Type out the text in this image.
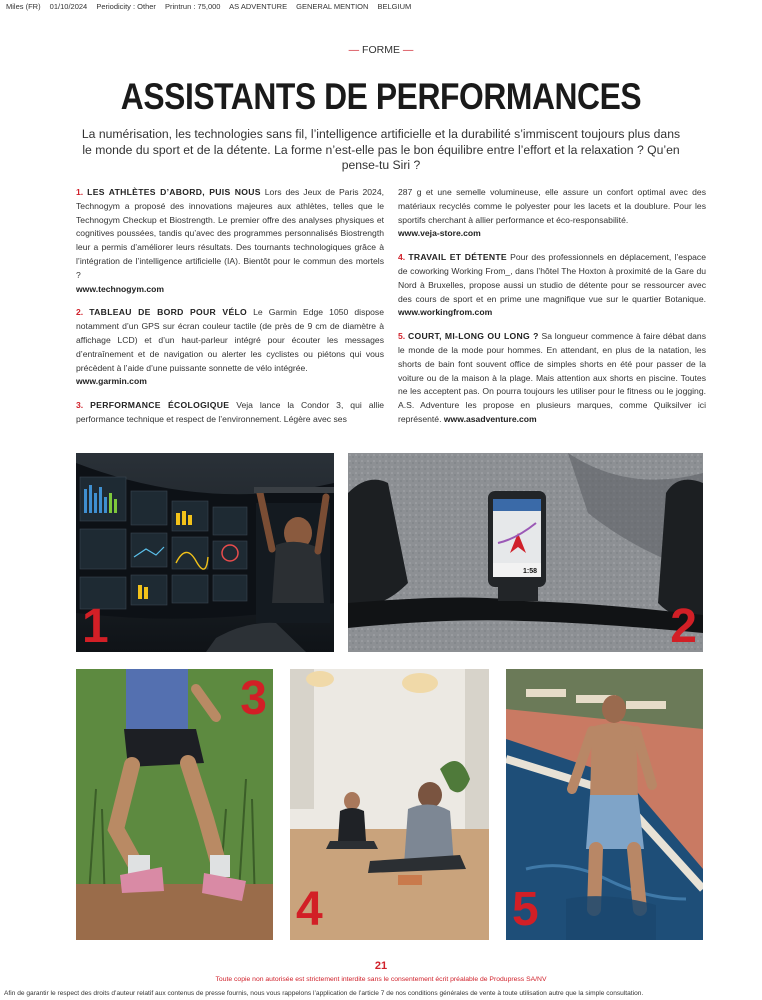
Miles (FR) 01/10/2024 Periodicity : Other Printrun : 75,000 AS ADVENTURE GENERAL MENTION BELGIUM
— FORME —
ASSISTANTS DE PERFORMANCES
La numérisation, les technologies sans fil, l’intelligence artificielle et la durabilité s’immiscent toujours plus dans le monde du sport et de la détente. La forme n’est-elle pas le bon équilibre entre l’effort et la relaxation ? Qu’en pense-tu Siri ?

1. LES ATHLÈTES D’ABORD, PUIS NOUS Lors des Jeux de Paris 2024, Technogym a proposé des innovations majeures aux athlètes, telles que le Technogym Checkup et Biostrength. Le premier offre des analyses physiques et cognitives poussées, tandis qu’avec des programmes personnalisés Biostrength leur a permis d’améliorer leurs résultats. Des tournants technologiques grâce à l’intégration de l’intelligence artificielle (IA). Bientôt pour le commun des mortels ?
www.technogym.com

2. TABLEAU DE BORD POUR VÉLO Le Garmin Edge 1050 dispose notamment d’un GPS sur écran couleur tactile (de près de 9 cm de diamètre à affichage LCD) et d’un haut-parleur intégré pour écouter les messages d’entraînement et de navigation ou alerter les cyclistes ou piétons qui vous précèdent à l’aide d’une puissante sonnette de vélo intégrée.
www.garmin.com

3. PERFORMANCE ÉCOLOGIQUE Veja lance la Condor 3, qui allie performance technique et respect de l’environnement. Légère avec ses

287 g et une semelle volumineuse, elle assure un confort optimal avec des matériaux recyclés comme le polyester pour les lacets et la doublure. Pour les sportifs cherchant à allier performance et éco-responsabilité.
www.veja-store.com

4. TRAVAIL ET DÉTENTE Pour des professionnels en déplacement, l’espace de coworking Working From_, dans l’hôtel The Hoxton à proximité de la Gare du Nord à Bruxelles, propose aussi un studio de détente pour se ressourcer avec des cours de sport et en prime une magnifique vue sur le quartier Botanique. www.workingfrom.com

5. COURT, MI-LONG OU LONG ? Sa longueur commence à faire débat dans le monde de la mode pour hommes. En attendant, en plus de la natation, les shorts de bain font souvent office de simples shorts en été pour passer de la voiture ou de la maison à la plage. Mais attention aux shorts en piscine. Toutes ne les acceptent pas. On pourra toujours les utiliser pour le fitness ou le jogging. A.S. Adventure les propose en plusieurs marques, comme Quiksilver ici représenté. www.asadventure.com

1
1:58
2
3
4	5
21
Toute copie non autorisée est strictement interdite sans le consentement écrit préalable de Produpress SA/NV
Afin de garantir le respect des droits d’auteur relatif aux contenus de presse fournis, nous vous rappelons l’application de l’article 7 de nos conditions générales de vente à toute utilisation autre que la simple consultation.
